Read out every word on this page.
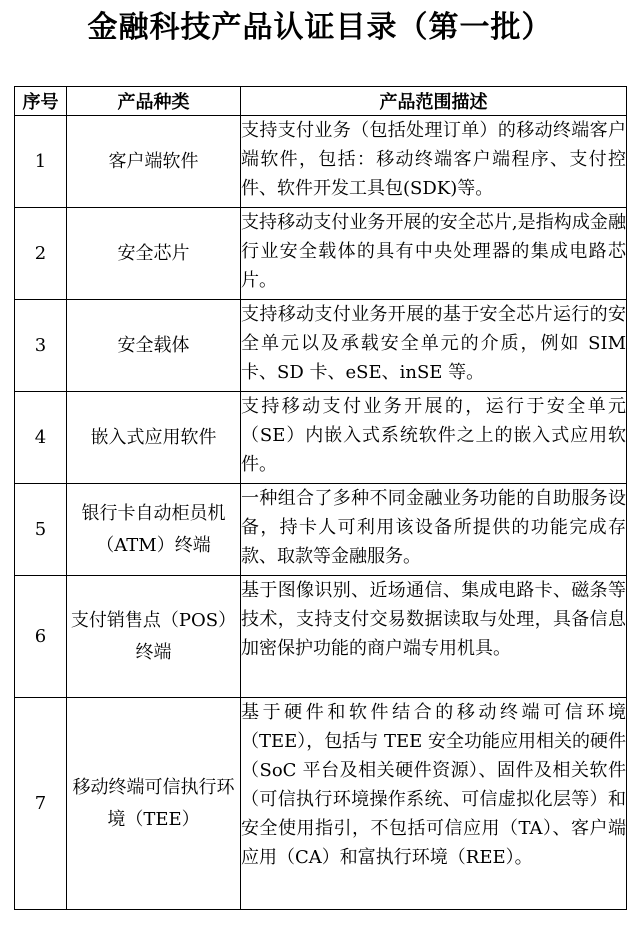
金融科技产品认证目录（第一批）
序号	产品种类	产品范围描述
1	客户端软件	支持支付业务（包括处理订单）的移动终端客户端软件，包括：移动终端客户端程序、支付控件、软件开发工具包(SDK)等。
2	安全芯片	支持移动支付业务开展的安全芯片,是指构成金融行业安全载体的具有中央处理器的集成电路芯片。
3	安全载体	支持移动支付业务开展的基于安全芯片运行的安全单元以及承载安全单元的介质，例如 SIM 卡、SD 卡、eSE、inSE 等。
4	嵌入式应用软件	支持移动支付业务开展的，运行于安全单元（SE）内嵌入式系统软件之上的嵌入式应用软件。
5	银行卡自动柜员机（ATM）终端	一种组合了多种不同金融业务功能的自助服务设备，持卡人可利用该设备所提供的功能完成存款、取款等金融服务。
6	支付销售点（POS）终端	基于图像识别、近场通信、集成电路卡、磁条等技术，支持支付交易数据读取与处理，具备信息加密保护功能的商户端专用机具。
7	移动终端可信执行环境（TEE）	基于硬件和软件结合的移动终端可信环境（TEE），包括与 TEE 安全功能应用相关的硬件（SoC 平台及相关硬件资源）、固件及相关软件（可信执行环境操作系统、可信虚拟化层等）和安全使用指引，不包括可信应用（TA）、客户端应用（CA）和富执行环境（REE）。
